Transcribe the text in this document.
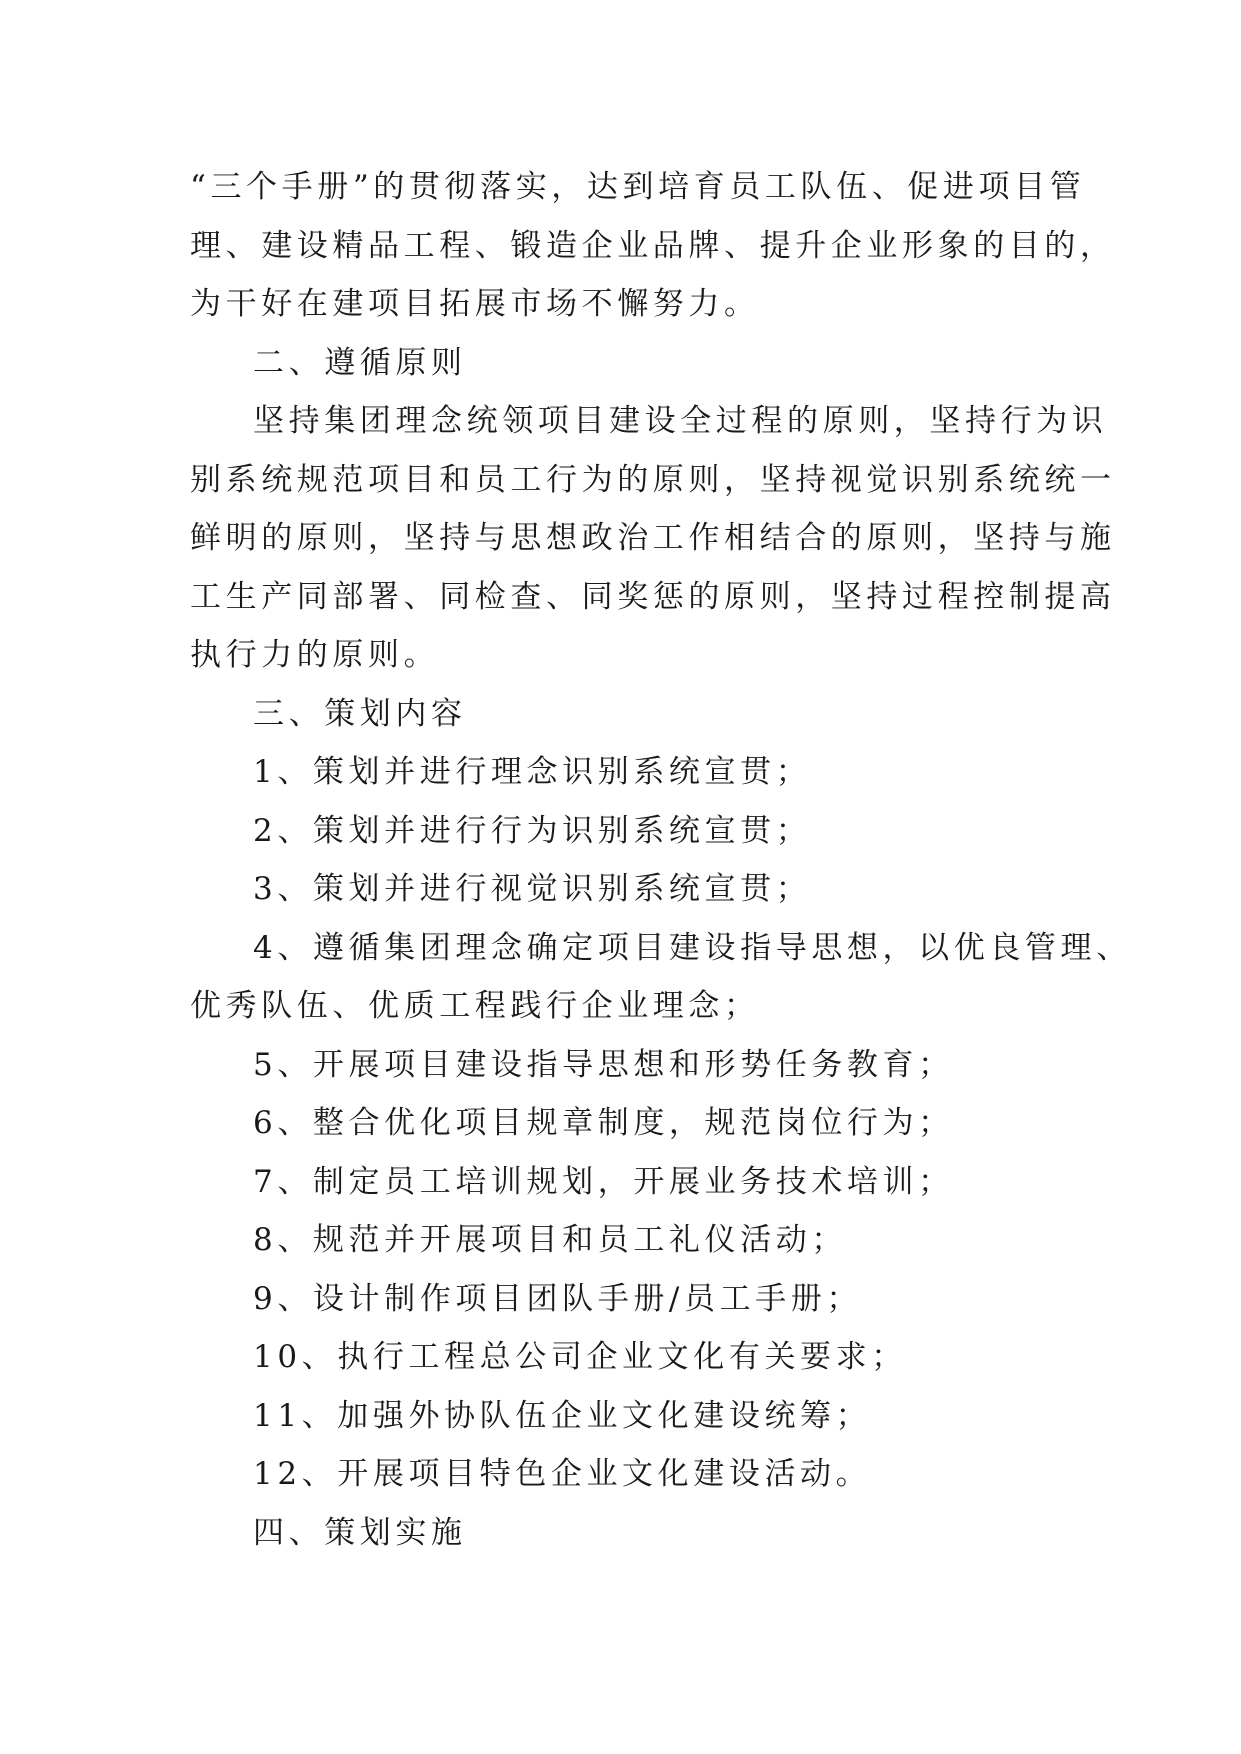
“三个手册”的贯彻落实，达到培育员工队伍、促进项目管
理、建设精品工程、锻造企业品牌、提升企业形象的目的，
为干好在建项目拓展市场不懈努力。
二、遵循原则
坚持集团理念统领项目建设全过程的原则，坚持行为识
别系统规范项目和员工行为的原则，坚持视觉识别系统统一
鲜明的原则，坚持与思想政治工作相结合的原则，坚持与施
工生产同部署、同检查、同奖惩的原则，坚持过程控制提高
执行力的原则。
三、策划内容
1、策划并进行理念识别系统宣贯；
2、策划并进行行为识别系统宣贯；
3、策划并进行视觉识别系统宣贯；
4、遵循集团理念确定项目建设指导思想，以优良管理、
优秀队伍、优质工程践行企业理念；
5、开展项目建设指导思想和形势任务教育；
6、整合优化项目规章制度，规范岗位行为；
7、制定员工培训规划，开展业务技术培训；
8、规范并开展项目和员工礼仪活动；
9、设计制作项目团队手册/员工手册；
10、执行工程总公司企业文化有关要求；
11、加强外协队伍企业文化建设统筹；
12、开展项目特色企业文化建设活动。
四、策划实施
